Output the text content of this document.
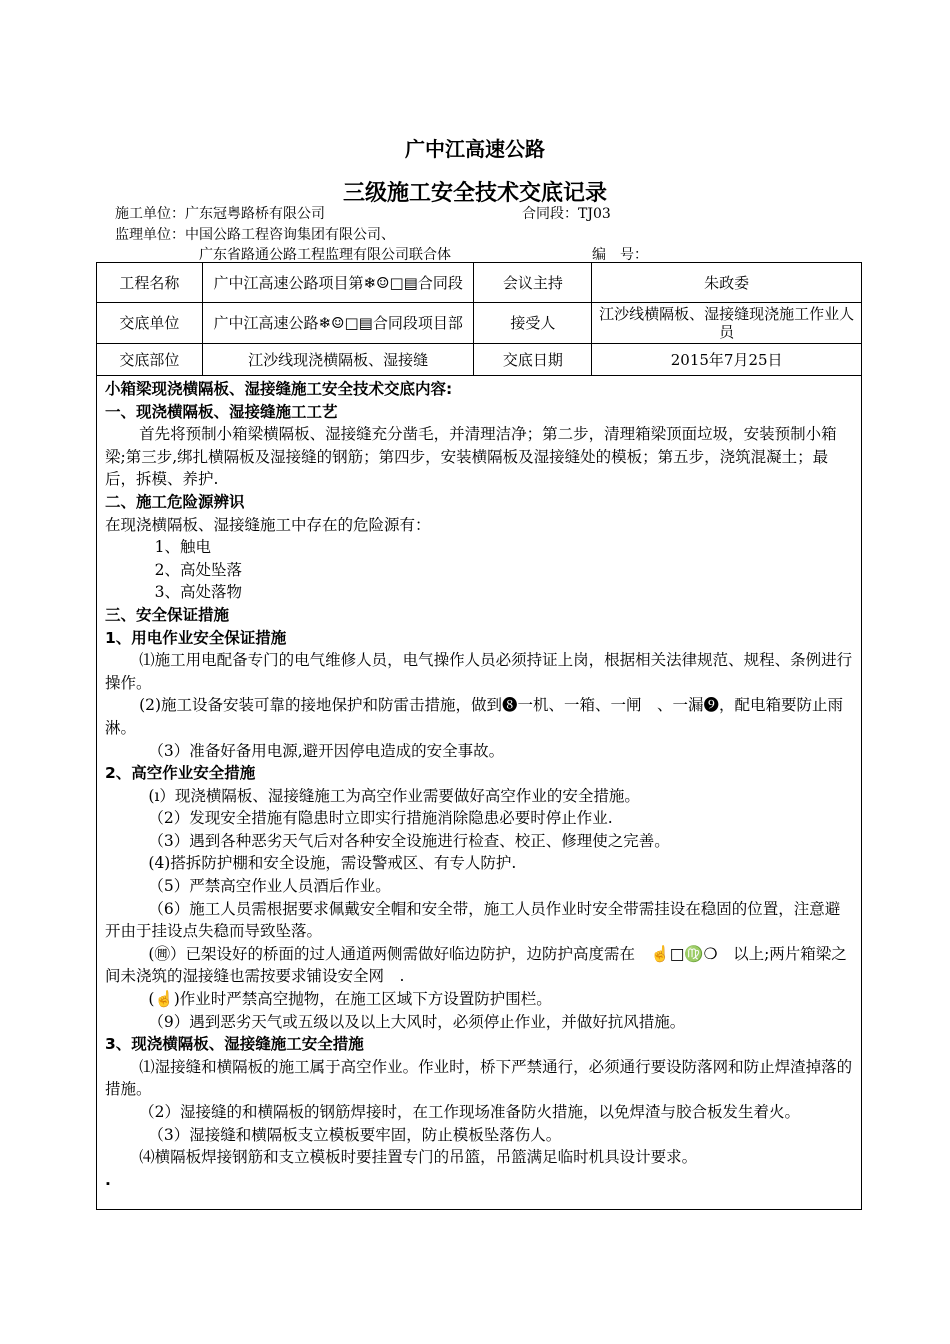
广中江高速公路
三级施工安全技术交底记录
施工单位：广东冠粤路桥有限公司	合同段：TJ03
监理单位：中国公路工程咨询集团有限公司、
广东省路通公路工程监理有限公司联合体	编　号：
工程名称	广中江高速公路项目第❄☺□▤合同段	会议主持	朱政委
交底单位	广中江高速公路❄☺□▤合同段项目部	接受人	江沙线横隔板、湿接缝现浇施工作业人员
交底部位	江沙线现浇横隔板、湿接缝	交底日期	2015年7月25日

小箱梁现浇横隔板、湿接缝施工安全技术交底内容:

一、现浇横隔板、湿接缝施工工艺

首先将预制小箱梁横隔板、湿接缝充分凿毛，并清理洁净；第二步，清理箱梁顶面垃圾，安装预制小箱梁;第三步,绑扎横隔板及湿接缝的钢筋；第四步，安装横隔板及湿接缝处的模板；第五步，浇筑混凝土；最后，拆模、养护.

二、施工危险源辨识

在现浇横隔板、湿接缝施工中存在的危险源有：

1、触电

2、高处坠落

3、高处落物

三、安全保证措施

1、用电作业安全保证措施

⑴施工用电配备专门的电气维修人员，电气操作人员必须持证上岗，根据相关法律规范、规程、条例进行操作。

(2)施工设备安装可靠的接地保护和防雷击措施，做到❽一机、一箱、一闸　、一漏❾，配电箱要防止雨淋。

（3）准备好备用电源,避开因停电造成的安全事故。

2、高空作业安全措施

(ı）现浇横隔板、湿接缝施工为高空作业需要做好高空作业的安全措施。

（2）发现安全措施有隐患时立即实行措施消除隐患必要时停止作业.

（3）遇到各种恶劣天气后对各种安全设施进行检查、校正、修理使之完善。

(4)搭拆防护棚和安全设施，需设警戒区、有专人防护.

（5）严禁高空作业人员酒后作业。

（6）施工人员需根据要求佩戴安全帽和安全带，施工人员作业时安全带需挂设在稳固的位置，注意避开由于挂设点失稳而导致坠落。

(㉄）已架设好的桥面的过人通道两侧需做好临边防护，边防护高度需在　☝□♍❍　以上;两片箱梁之间未浇筑的湿接缝也需按要求铺设安全网　.

(☝)作业时严禁高空抛物，在施工区域下方设置防护围栏。

（9）遇到恶劣天气或五级以及以上大风时，必须停止作业，并做好抗风措施。

3、现浇横隔板、湿接缝施工安全措施

⑴湿接缝和横隔板的施工属于高空作业。作业时，桥下严禁通行，必须通行要设防落网和防止焊渣掉落的措施。

（2）湿接缝的和横隔板的钢筋焊接时，在工作现场准备防火措施，以免焊渣与胶合板发生着火。

（3）湿接缝和横隔板支立模板要牢固，防止模板坠落伤人。

⑷横隔板焊接钢筋和支立模板时要挂置专门的吊篮，吊篮满足临时机具设计要求。

.
